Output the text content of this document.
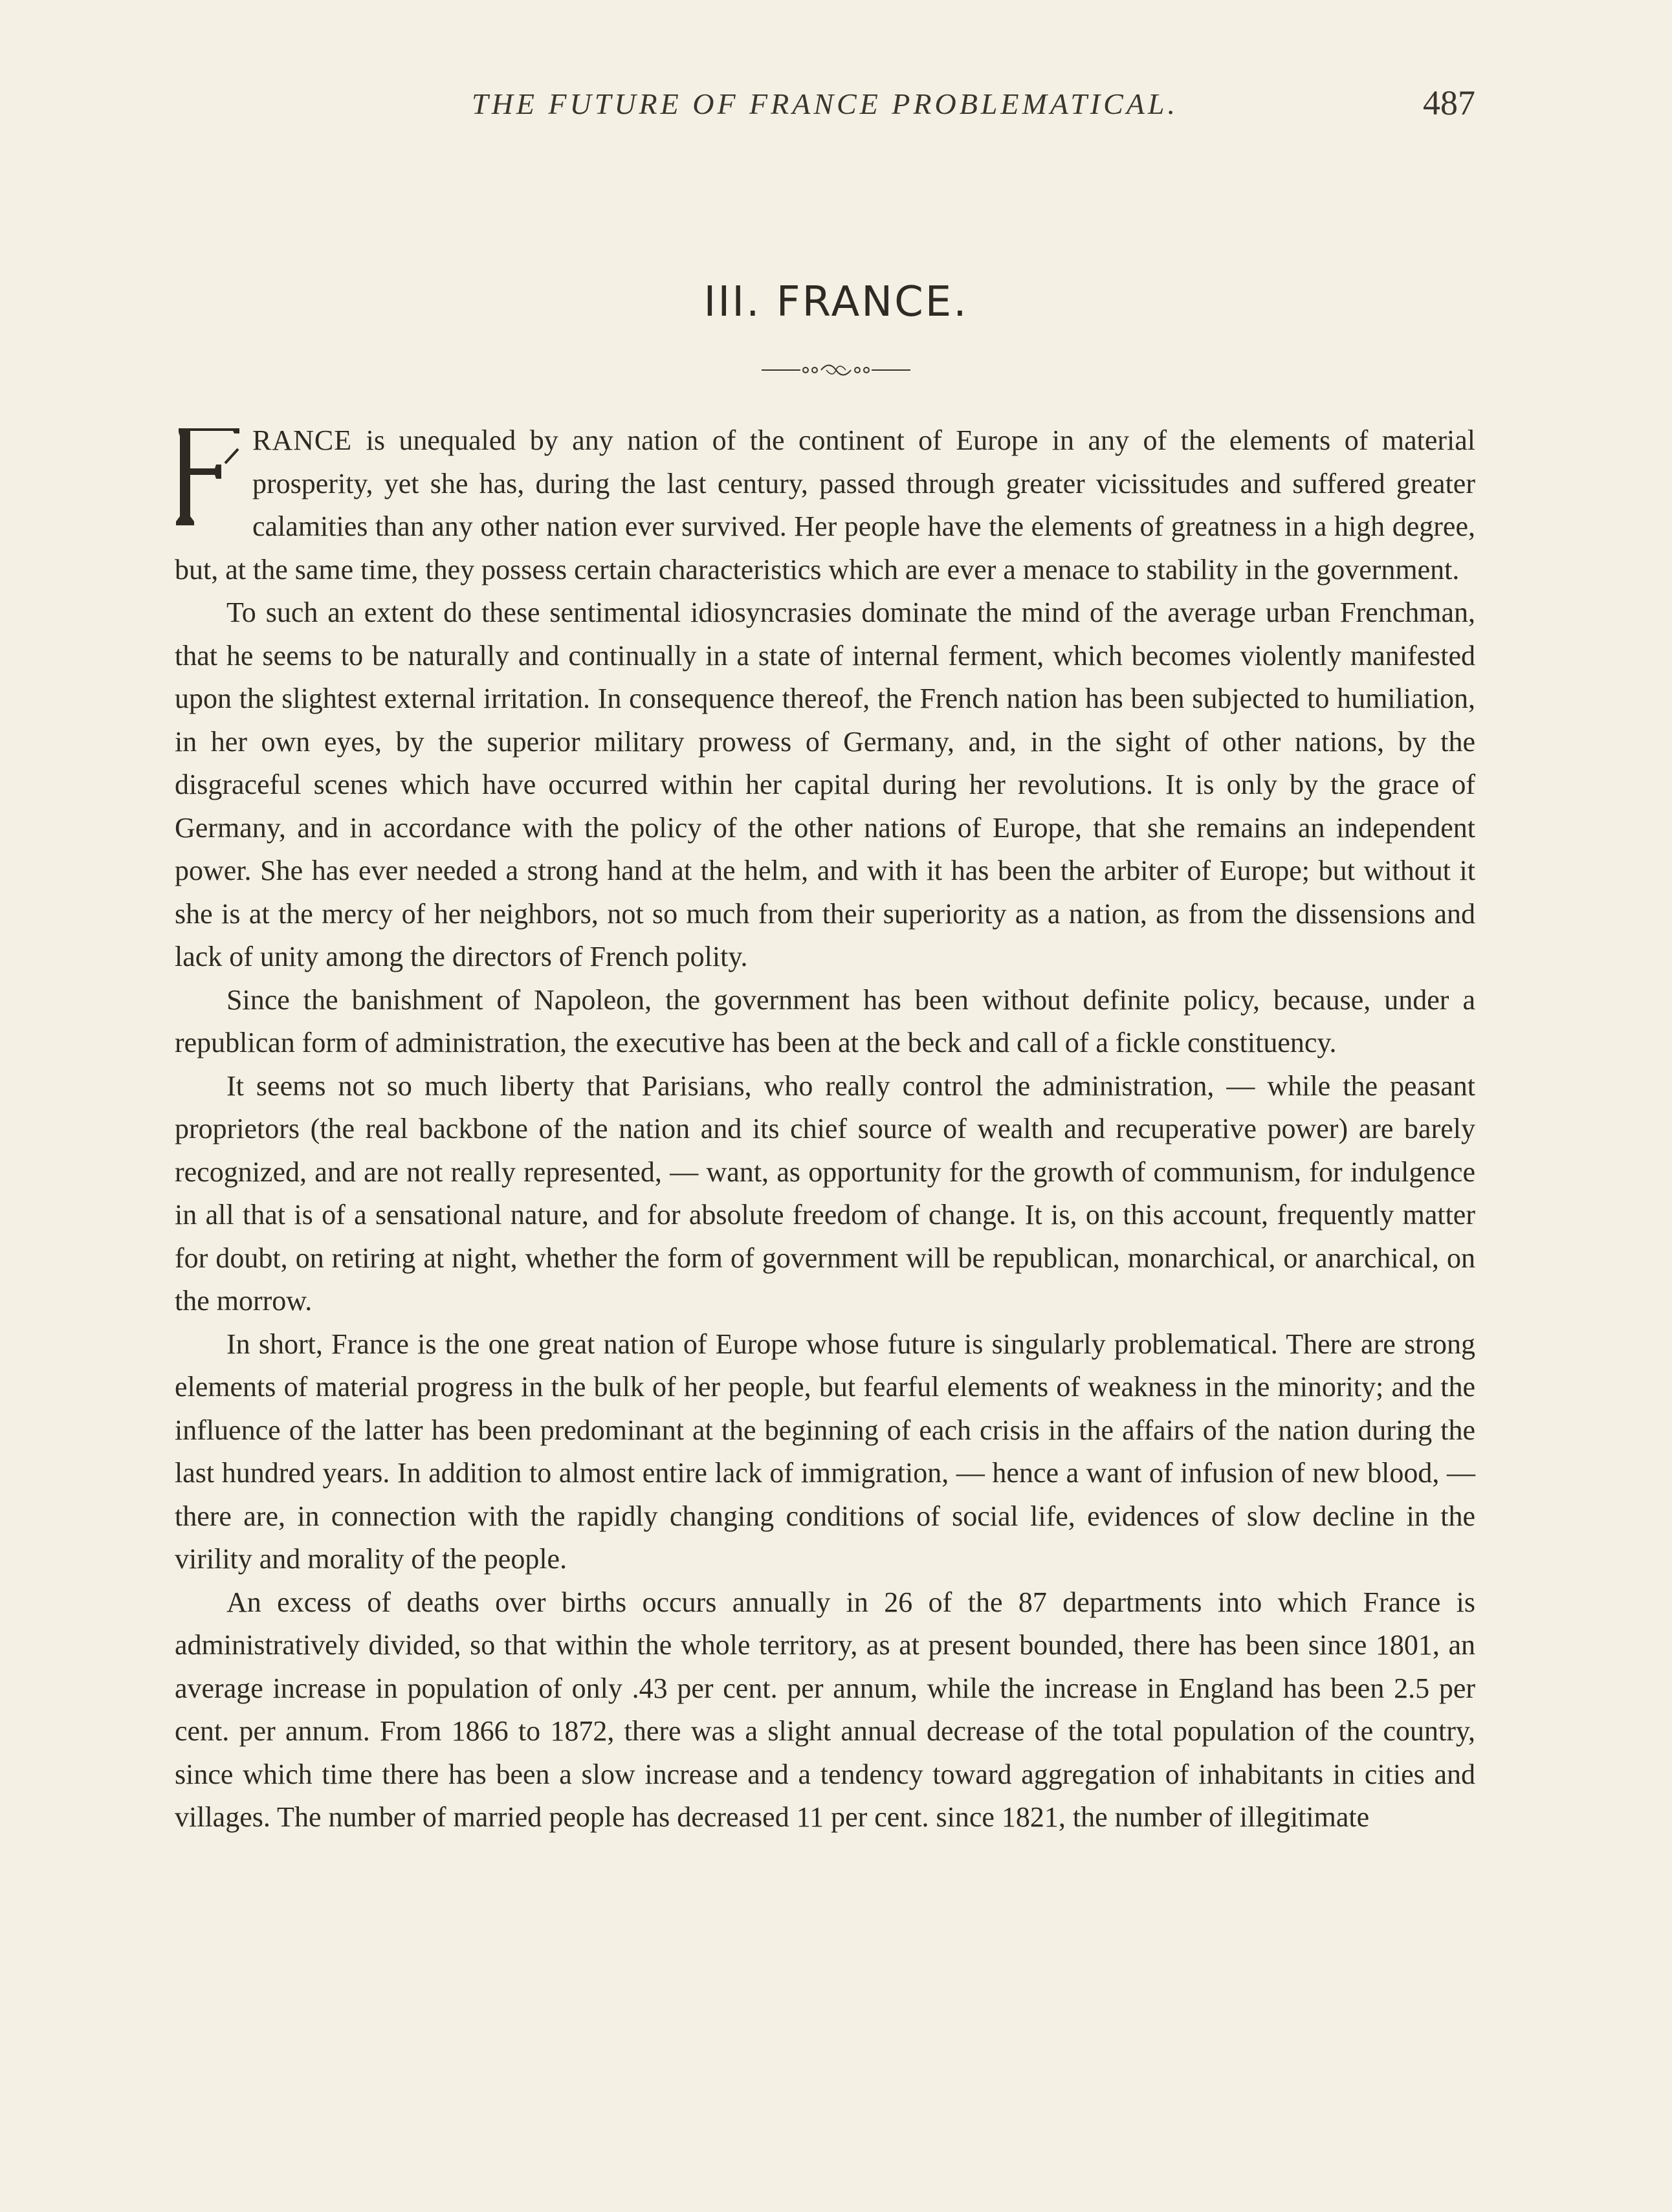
THE FUTURE OF FRANCE PROBLEMATICAL.	487
III. FRANCE.

RANCE is unequaled by any nation of the continent of Europe in any of the elements of material prosperity, yet she has, during the last century, passed through greater vicissitudes and suffered greater calamities than any other nation ever survived. Her people have the elements of greatness in a high degree, but, at the same time, they possess certain characteristics which are ever a menace to stability in the government.

To such an extent do these sentimental idiosyncrasies dominate the mind of the average urban Frenchman, that he seems to be naturally and continually in a state of internal ferment, which becomes violently manifested upon the slightest external irritation. In consequence thereof, the French nation has been subjected to humiliation, in her own eyes, by the superior military prowess of Germany, and, in the sight of other nations, by the disgraceful scenes which have occurred within her capital during her revolutions. It is only by the grace of Germany, and in accordance with the policy of the other nations of Europe, that she remains an independent power. She has ever needed a strong hand at the helm, and with it has been the arbiter of Europe; but without it she is at the mercy of her neighbors, not so much from their superiority as a nation, as from the dissensions and lack of unity among the directors of French polity.

Since the banishment of Napoleon, the government has been without definite policy, because, under a republican form of administration, the executive has been at the beck and call of a fickle constituency.

It seems not so much liberty that Parisians, who really control the administration, — while the peasant proprietors (the real backbone of the nation and its chief source of wealth and recuperative power) are barely recognized, and are not really represented, — want, as opportunity for the growth of communism, for indulgence in all that is of a sensational nature, and for absolute freedom of change. It is, on this account, frequently matter for doubt, on retiring at night, whether the form of government will be republican, monarchical, or anarchical, on the morrow.

In short, France is the one great nation of Europe whose future is singularly problematical. There are strong elements of material progress in the bulk of her people, but fearful elements of weakness in the minority; and the influence of the latter has been predominant at the beginning of each crisis in the affairs of the nation during the last hundred years. In addition to almost entire lack of immigration, — hence a want of infusion of new blood, — there are, in connection with the rapidly changing conditions of social life, evidences of slow decline in the virility and morality of the people.

An excess of deaths over births occurs annually in 26 of the 87 departments into which France is administratively divided, so that within the whole territory, as at present bounded, there has been since 1801, an average increase in population of only .43 per cent. per annum, while the increase in England has been 2.5 per cent. per annum. From 1866 to 1872, there was a slight annual decrease of the total population of the country, since which time there has been a slow increase and a tendency toward aggregation of inhabitants in cities and villages. The number of married people has decreased 11 per cent. since 1821, the number of illegitimate
